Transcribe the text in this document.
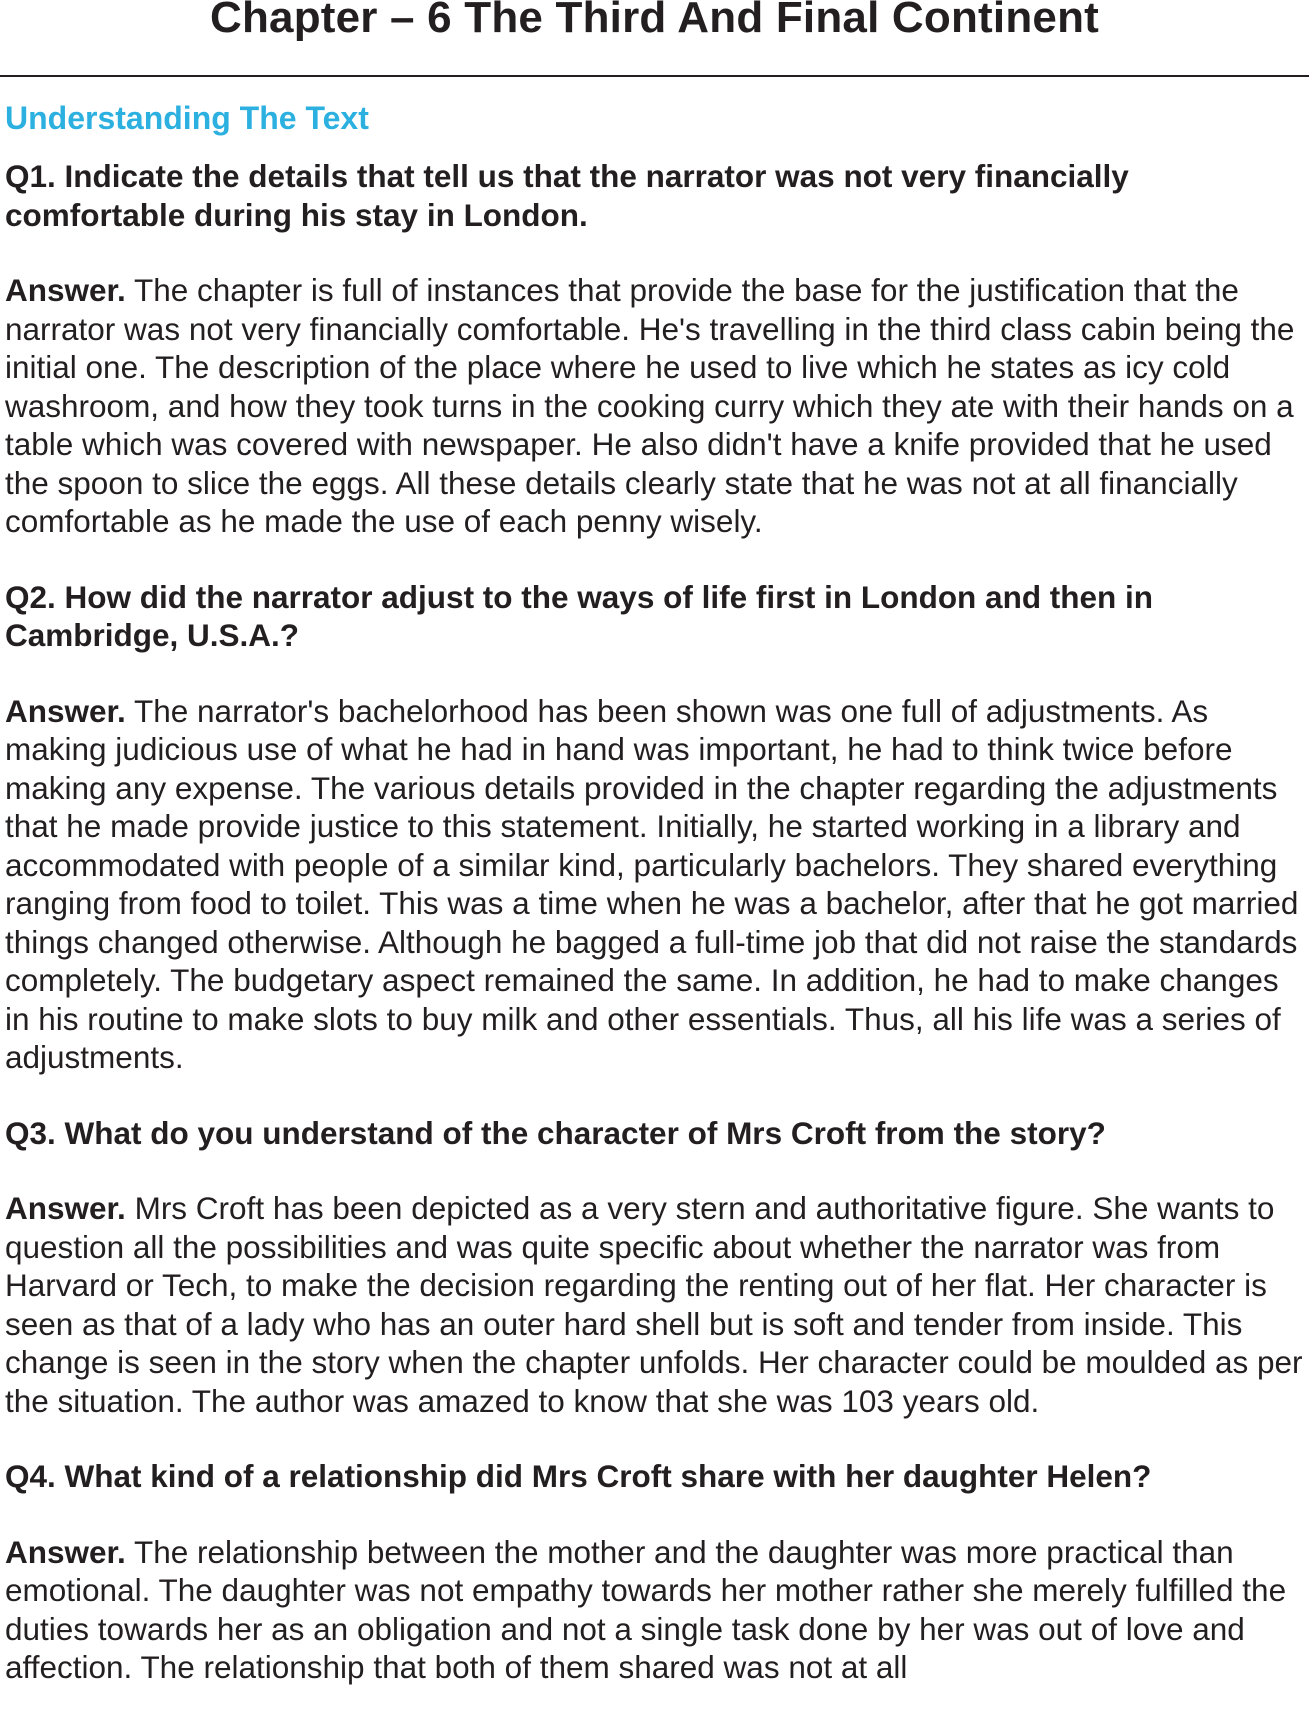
Chapter – 6 The Third And Final Continent
Understanding The Text

Q1. Indicate the details that tell us that the narrator was not very financially comfortable during his stay in London.

Answer. The chapter is full of instances that provide the base for the justification that the narrator was not very financially comfortable. He's travelling in the third class cabin being the initial one. The description of the place where he used to live which he states as icy cold washroom, and how they took turns in the cooking curry which they ate with their hands on a table which was covered with newspaper. He also didn't have a knife provided that he used the spoon to slice the eggs. All these details clearly state that he was not at all financially comfortable as he made the use of each penny wisely.

Q2. How did the narrator adjust to the ways of life first in London and then in Cambridge, U.S.A.?

Answer. The narrator's bachelorhood has been shown was one full of adjustments. As making judicious use of what he had in hand was important, he had to think twice before making any expense. The various details provided in the chapter regarding the adjustments that he made provide justice to this statement. Initially, he started working in a library and accommodated with people of a similar kind, particularly bachelors. They shared everything ranging from food to toilet. This was a time when he was a bachelor, after that he got married things changed otherwise. Although he bagged a full-time job that did not raise the standards completely. The budgetary aspect remained the same. In addition, he had to make changes in his routine to make slots to buy milk and other essentials. Thus, all his life was a series of adjustments.

Q3. What do you understand of the character of Mrs Croft from the story?

Answer. Mrs Croft has been depicted as a very stern and authoritative figure. She wants to question all the possibilities and was quite specific about whether the narrator was from Harvard or Tech, to make the decision regarding the renting out of her flat. Her character is seen as that of a lady who has an outer hard shell but is soft and tender from inside. This change is seen in the story when the chapter unfolds. Her character could be moulded as per the situation. The author was amazed to know that she was 103 years old.

Q4. What kind of a relationship did Mrs Croft share with her daughter Helen?

Answer. The relationship between the mother and the daughter was more practical than emotional. The daughter was not empathy towards her mother rather she merely fulfilled the duties towards her as an obligation and not a single task done by her was out of love and affection. The relationship that both of them shared was not at all
